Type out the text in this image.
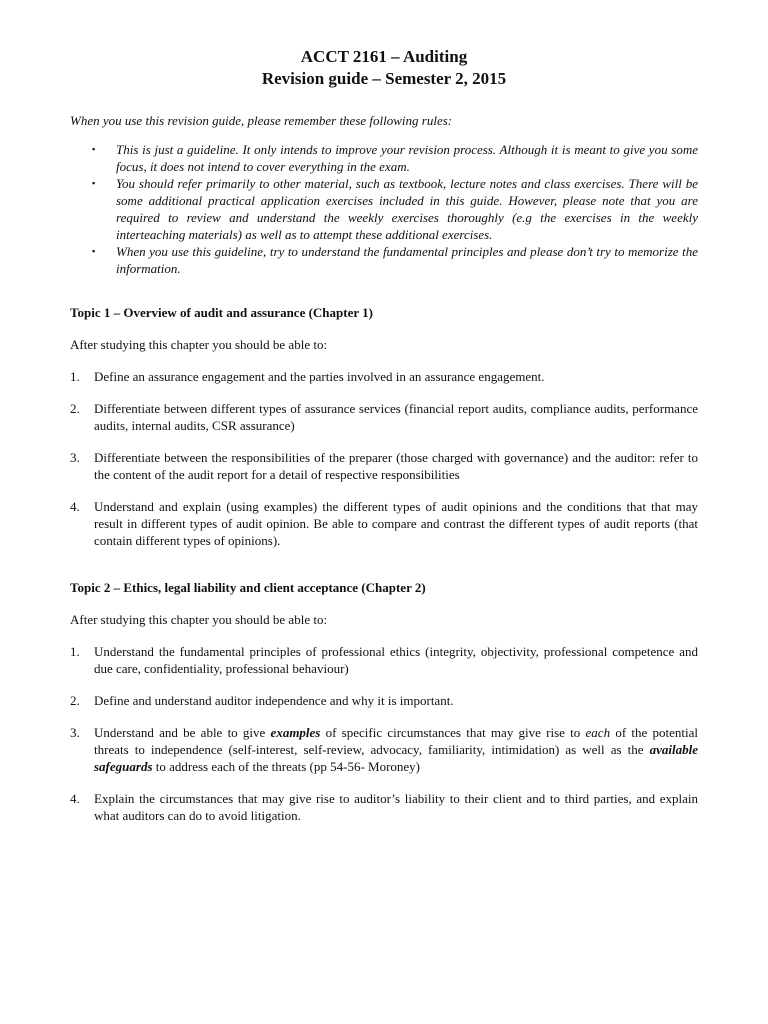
ACCT 2161 – Auditing
Revision guide – Semester 2, 2015
When you use this revision guide, please remember these following rules:
▪ This is just a guideline. It only intends to improve your revision process. Although it is meant to give you some focus, it does not intend to cover everything in the exam.
▪ You should refer primarily to other material, such as textbook, lecture notes and class exercises. There will be some additional practical application exercises included in this guide. However, please note that you are required to review and understand the weekly exercises thoroughly (e.g the exercises in the weekly interteaching materials) as well as to attempt these additional exercises.
▪ When you use this guideline, try to understand the fundamental principles and please don’t try to memorize the information.
Topic 1 – Overview of audit and assurance (Chapter 1)
After studying this chapter you should be able to:
1. Define an assurance engagement and the parties involved in an assurance engagement.
2. Differentiate between different types of assurance services (financial report audits, compliance audits, performance audits, internal audits, CSR assurance)
3. Differentiate between the responsibilities of the preparer (those charged with governance) and the auditor: refer to the content of the audit report for a detail of respective responsibilities
4. Understand and explain (using examples) the different types of audit opinions and the conditions that that may result in different types of audit opinion. Be able to compare and contrast the different types of audit reports (that contain different types of opinions).
Topic 2 – Ethics, legal liability and client acceptance (Chapter 2)
After studying this chapter you should be able to:
1. Understand the fundamental principles of professional ethics (integrity, objectivity, professional competence and due care, confidentiality, professional behaviour)
2. Define and understand auditor independence and why it is important.
3. Understand and be able to give examples of specific circumstances that may give rise to each of the potential threats to independence (self-interest, self-review, advocacy, familiarity, intimidation) as well as the available safeguards to address each of the threats (pp 54-56- Moroney)
4. Explain the circumstances that may give rise to auditor’s liability to their client and to third parties, and explain what auditors can do to avoid litigation.
